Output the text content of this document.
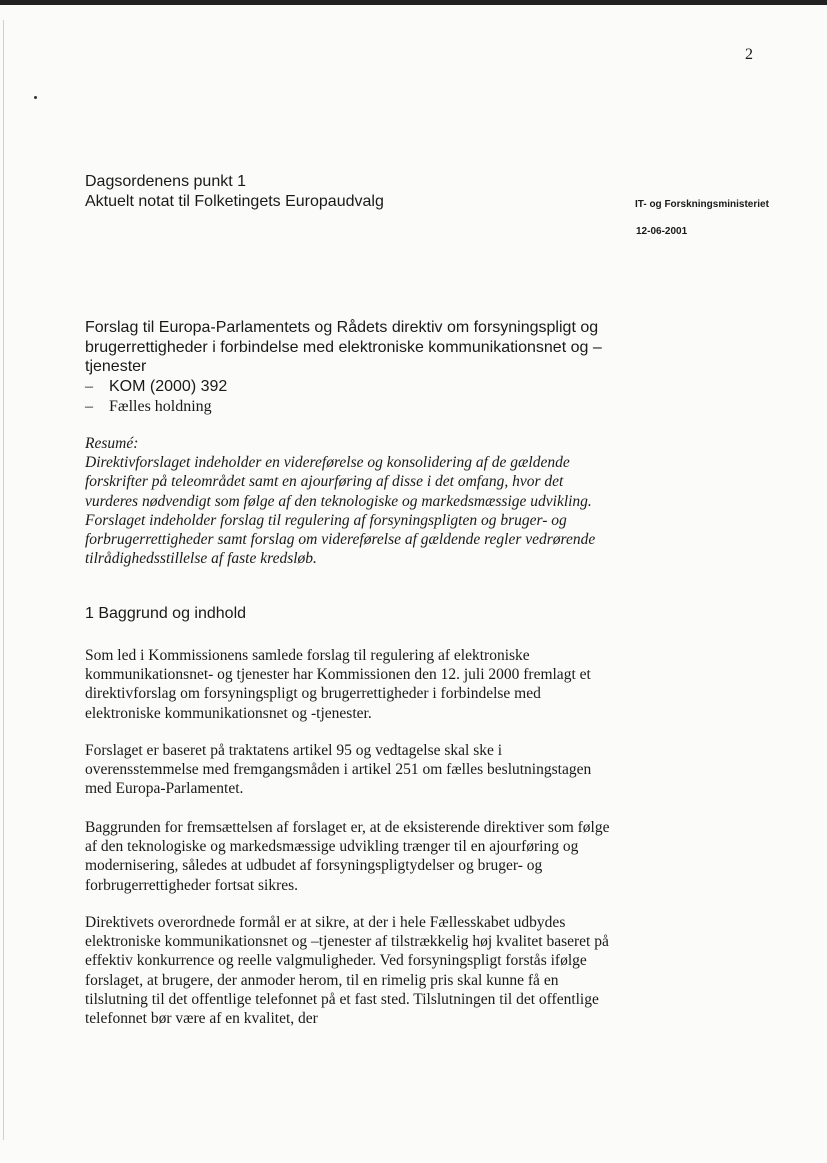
2
Dagsordenens punkt 1
Aktuelt notat til Folketingets Europaudvalg	IT- og Forskningsministeriet
12-06-2001
Forslag til Europa-Parlamentets og Rådets direktiv om forsyningspligt og brugerrettigheder i forbindelse med elektroniske kommunikationsnet og – tjenester
– KOM (2000) 392
– Fælles holdning

Resumé:

Direktivforslaget indeholder en videreførelse og konsolidering af de gældende forskrifter på teleområdet samt en ajourføring af disse i det omfang, hvor det vurderes nødvendigt som følge af den teknologiske og markedsmæssige udvikling. Forslaget indeholder forslag til regulering af forsyningspligten og bruger- og forbrugerrettigheder samt forslag om videreførelse af gældende regler vedrørende tilrådighedsstillelse af faste kredsløb.

1 Baggrund og indhold

Som led i Kommissionens samlede forslag til regulering af elektroniske kommunikationsnet- og tjenester har Kommissionen den 12. juli 2000 fremlagt et direktivforslag om forsyningspligt og brugerrettigheder i forbindelse med elektroniske kommunikationsnet og -tjenester.

Forslaget er baseret på traktatens artikel 95 og vedtagelse skal ske i overensstemmelse med fremgangsmåden i artikel 251 om fælles beslutningstagen med Europa-Parlamentet.

Baggrunden for fremsættelsen af forslaget er, at de eksisterende direktiver som følge af den teknologiske og markedsmæssige udvikling trænger til en ajourføring og modernisering, således at udbudet af forsyningspligtydelser og bruger- og forbrugerrettigheder fortsat sikres.

Direktivets overordnede formål er at sikre, at der i hele Fællesskabet udbydes elektroniske kommunikationsnet og –tjenester af tilstrækkelig høj kvalitet baseret på effektiv konkurrence og reelle valgmuligheder. Ved forsyningspligt forstås ifølge forslaget, at brugere, der anmoder herom, til en rimelig pris skal kunne få en tilslutning til det offentlige telefonnet på et fast sted. Tilslutningen til det offentlige telefonnet bør være af en kvalitet, der
